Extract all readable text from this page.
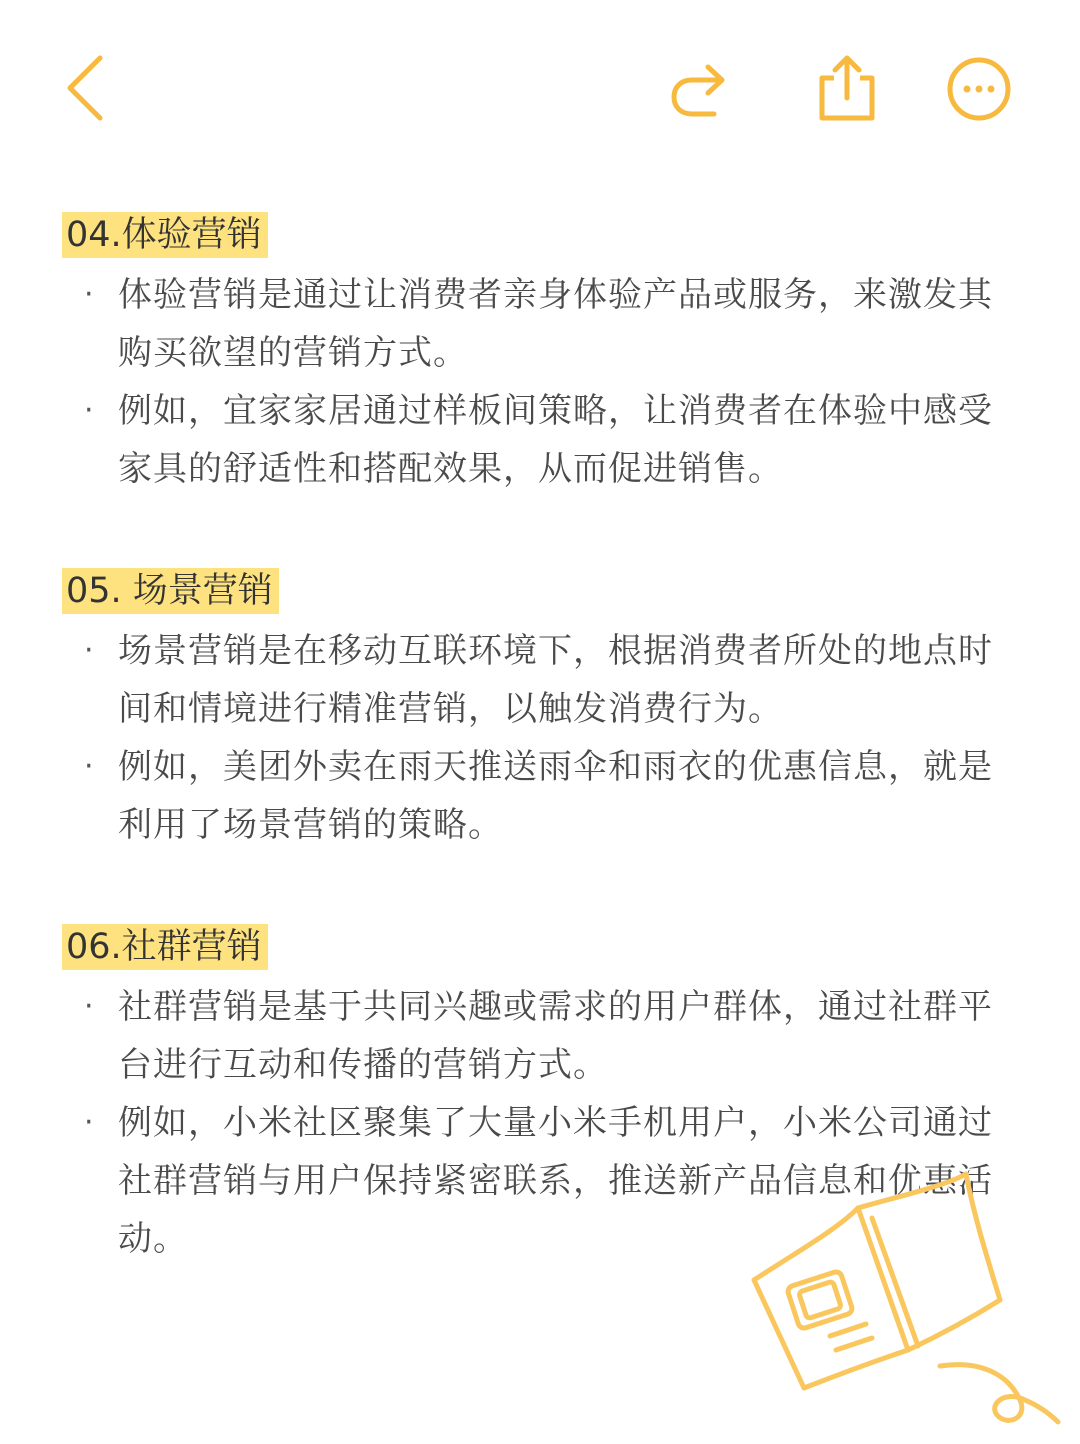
04.体验营销
· 体验营销是通过让消费者亲身体验产品或服务，来激发其购买欲望的营销方式。
· 例如，宜家家居通过样板间策略，让消费者在体验中感受家具的舒适性和搭配效果，从而促进销售。
05. 场景营销
· 场景营销是在移动互联环境下，根据消费者所处的地点时间和情境进行精准营销，以触发消费行为。
· 例如，美团外卖在雨天推送雨伞和雨衣的优惠信息，就是利用了场景营销的策略。
06.社群营销
· 社群营销是基于共同兴趣或需求的用户群体，通过社群平台进行互动和传播的营销方式。
· 例如，小米社区聚集了大量小米手机用户，小米公司通过社群营销与用户保持紧密联系，推送新产品信息和优惠活动。
